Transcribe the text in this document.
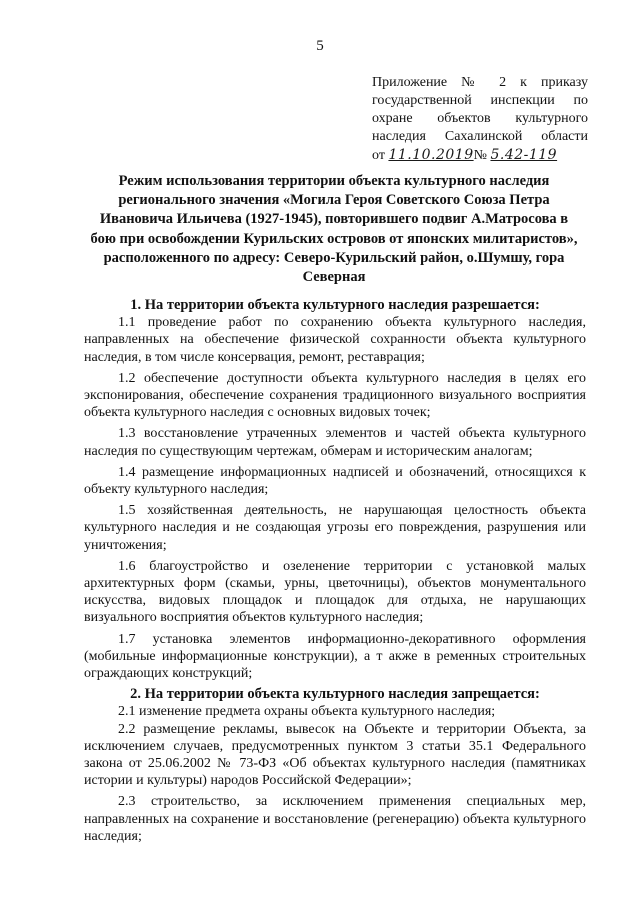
5
Приложение № 2 к приказу
государственной инспекции по
охране объектов культурного
наследия Сахалинской области
от 11.10.2019№ 5.42-119
Режим использования территории объекта культурного наследия регионального значения «Могила Героя Советского Союза Петра Ивановича Ильичева (1927-1945), повторившего подвиг А.Матросова в бою при освобождении Курильских островов от японских милитаристов», расположенного по адресу: Северо-Курильский район, о.Шумшу, гора Северная

1. На территории объекта культурного наследия разрешается:

1.1 проведение работ по сохранению объекта культурного наследия, направленных на обеспечение физической сохранности объекта культурного наследия, в том числе консервация, ремонт, реставрация;

1.2 обеспечение доступности объекта культурного наследия в целях его экспонирования, обеспечение сохранения традиционного визуального восприятия объекта культурного наследия с основных видовых точек;

1.3 восстановление утраченных элементов и частей объекта культурного наследия по существующим чертежам, обмерам и историческим аналогам;

1.4 размещение информационных надписей и обозначений, относящихся к объекту культурного наследия;

1.5 хозяйственная деятельность, не нарушающая целостность объекта культурного наследия и не создающая угрозы его повреждения, разрушения или уничтожения;

1.6 благоустройство и озеленение территории с установкой малых архитектурных форм (скамьи, урны, цветочницы), объектов монументального искусства, видовых площадок и площадок для отдыха, не нарушающих визуального восприятия объектов культурного наследия;

1.7 установка элементов информационно-декоративного оформления (мобильные информационные конструкции), а т акже в ременных строительных ограждающих конструкций;

2. На территории объекта культурного наследия запрещается:

2.1 изменение предмета охраны объекта культурного наследия;

2.2 размещение рекламы, вывесок на Объекте и территории Объекта, за исключением случаев, предусмотренных пунктом 3 статьи 35.1 Федерального закона от 25.06.2002 № 73-ФЗ «Об объектах культурного наследия (памятниках истории и культуры) народов Российской Федерации»;

2.3 строительство, за исключением применения специальных мер, направленных на сохранение и восстановление (регенерацию) объекта культурного наследия;
